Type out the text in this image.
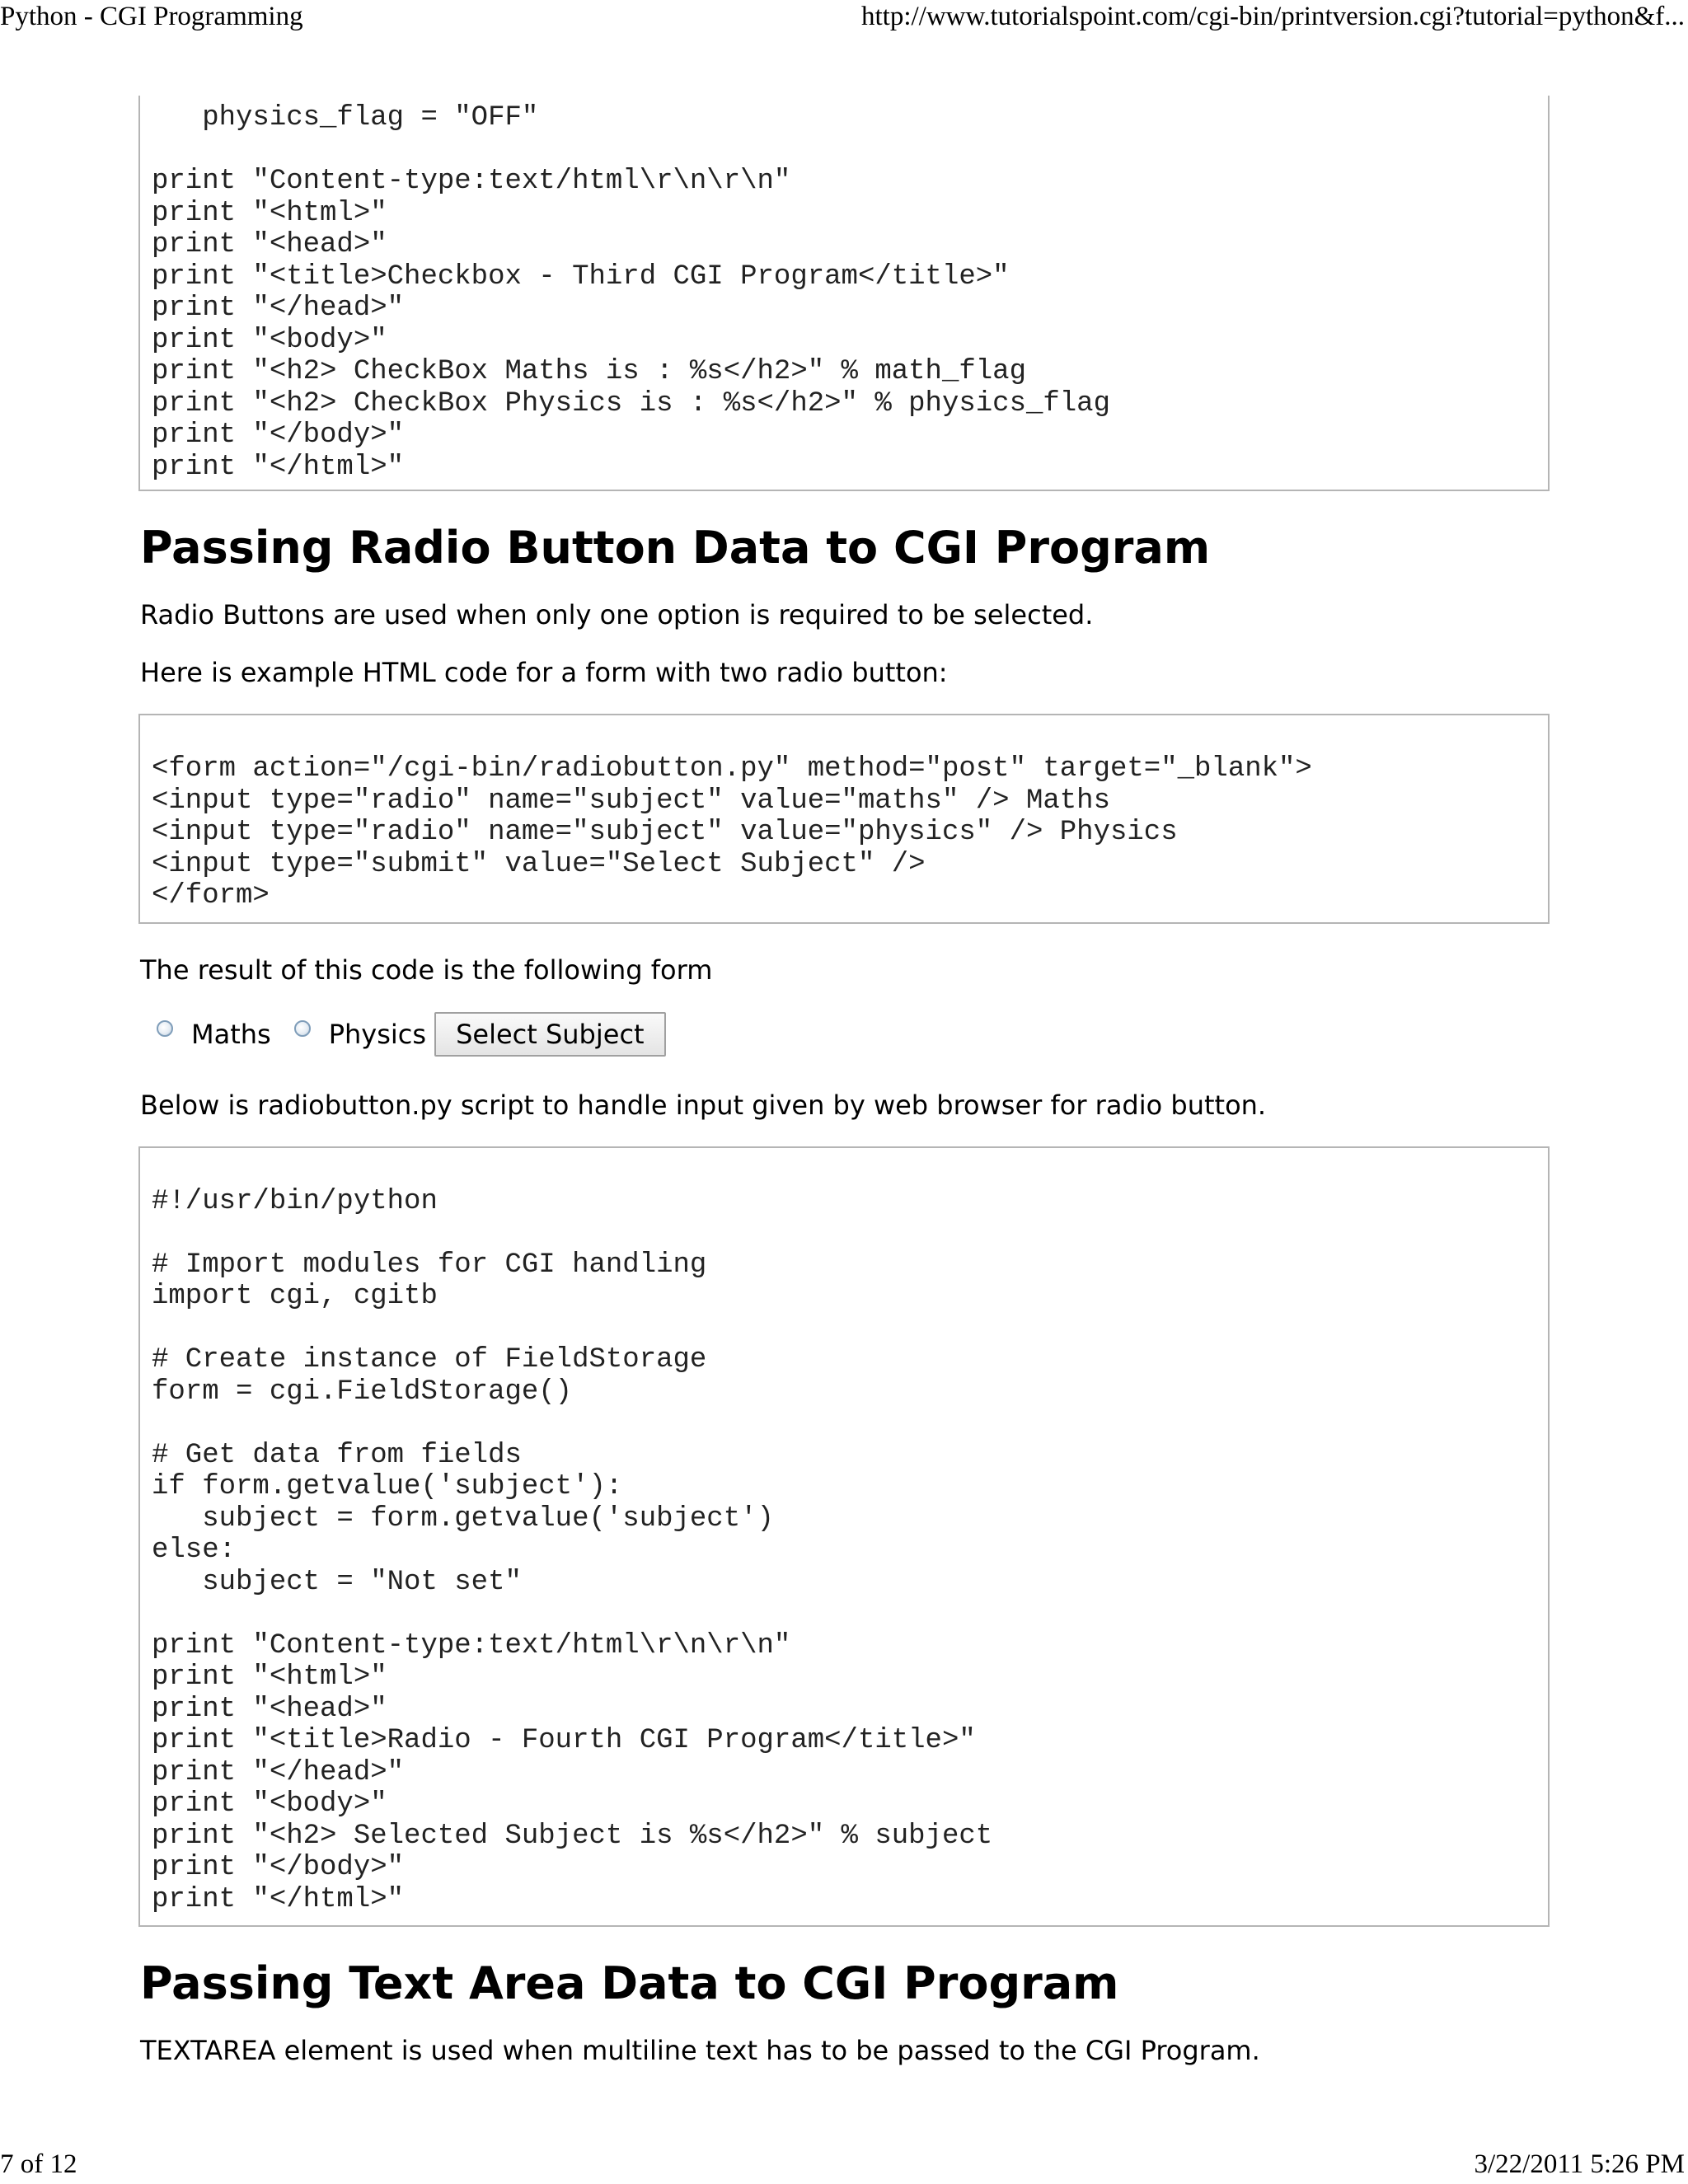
Python - CGI Programming	http://www.tutorialspoint.com/cgi-bin/printversion.cgi?tutorial=python&f...
physics_flag = "OFF"

print "Content-type:text/html\r\n\r\n"
print "<html>"
print "<head>"
print "<title>Checkbox - Third CGI Program</title>"
print "</head>"
print "<body>"
print "<h2> CheckBox Maths is : %s</h2>" % math_flag
print "<h2> CheckBox Physics is : %s</h2>" % physics_flag
print "</body>"
print "</html>"
Passing Radio Button Data to CGI Program

Radio Buttons are used when only one option is required to be selected.

Here is example HTML code for a form with two radio button:

<form action="/cgi-bin/radiobutton.py" method="post" target="_blank">
<input type="radio" name="subject" value="maths" /> Maths
<input type="radio" name="subject" value="physics" /> Physics
<input type="submit" value="Select Subject" />
</form>

The result of this code is the following form

Maths Physics	Select Subject

Below is radiobutton.py script to handle input given by web browser for radio button.

#!/usr/bin/python

# Import modules for CGI handling
import cgi, cgitb

# Create instance of FieldStorage
form = cgi.FieldStorage()

# Get data from fields
if form.getvalue('subject'):
subject = form.getvalue('subject')
else:
subject = "Not set"

print "Content-type:text/html\r\n\r\n"
print "<html>"
print "<head>"
print "<title>Radio - Fourth CGI Program</title>"
print "</head>"
print "<body>"
print "<h2> Selected Subject is %s</h2>" % subject
print "</body>"
print "</html>"
Passing Text Area Data to CGI Program

TEXTAREA element is used when multiline text has to be passed to the CGI Program.

7 of 12	3/22/2011 5:26 PM
